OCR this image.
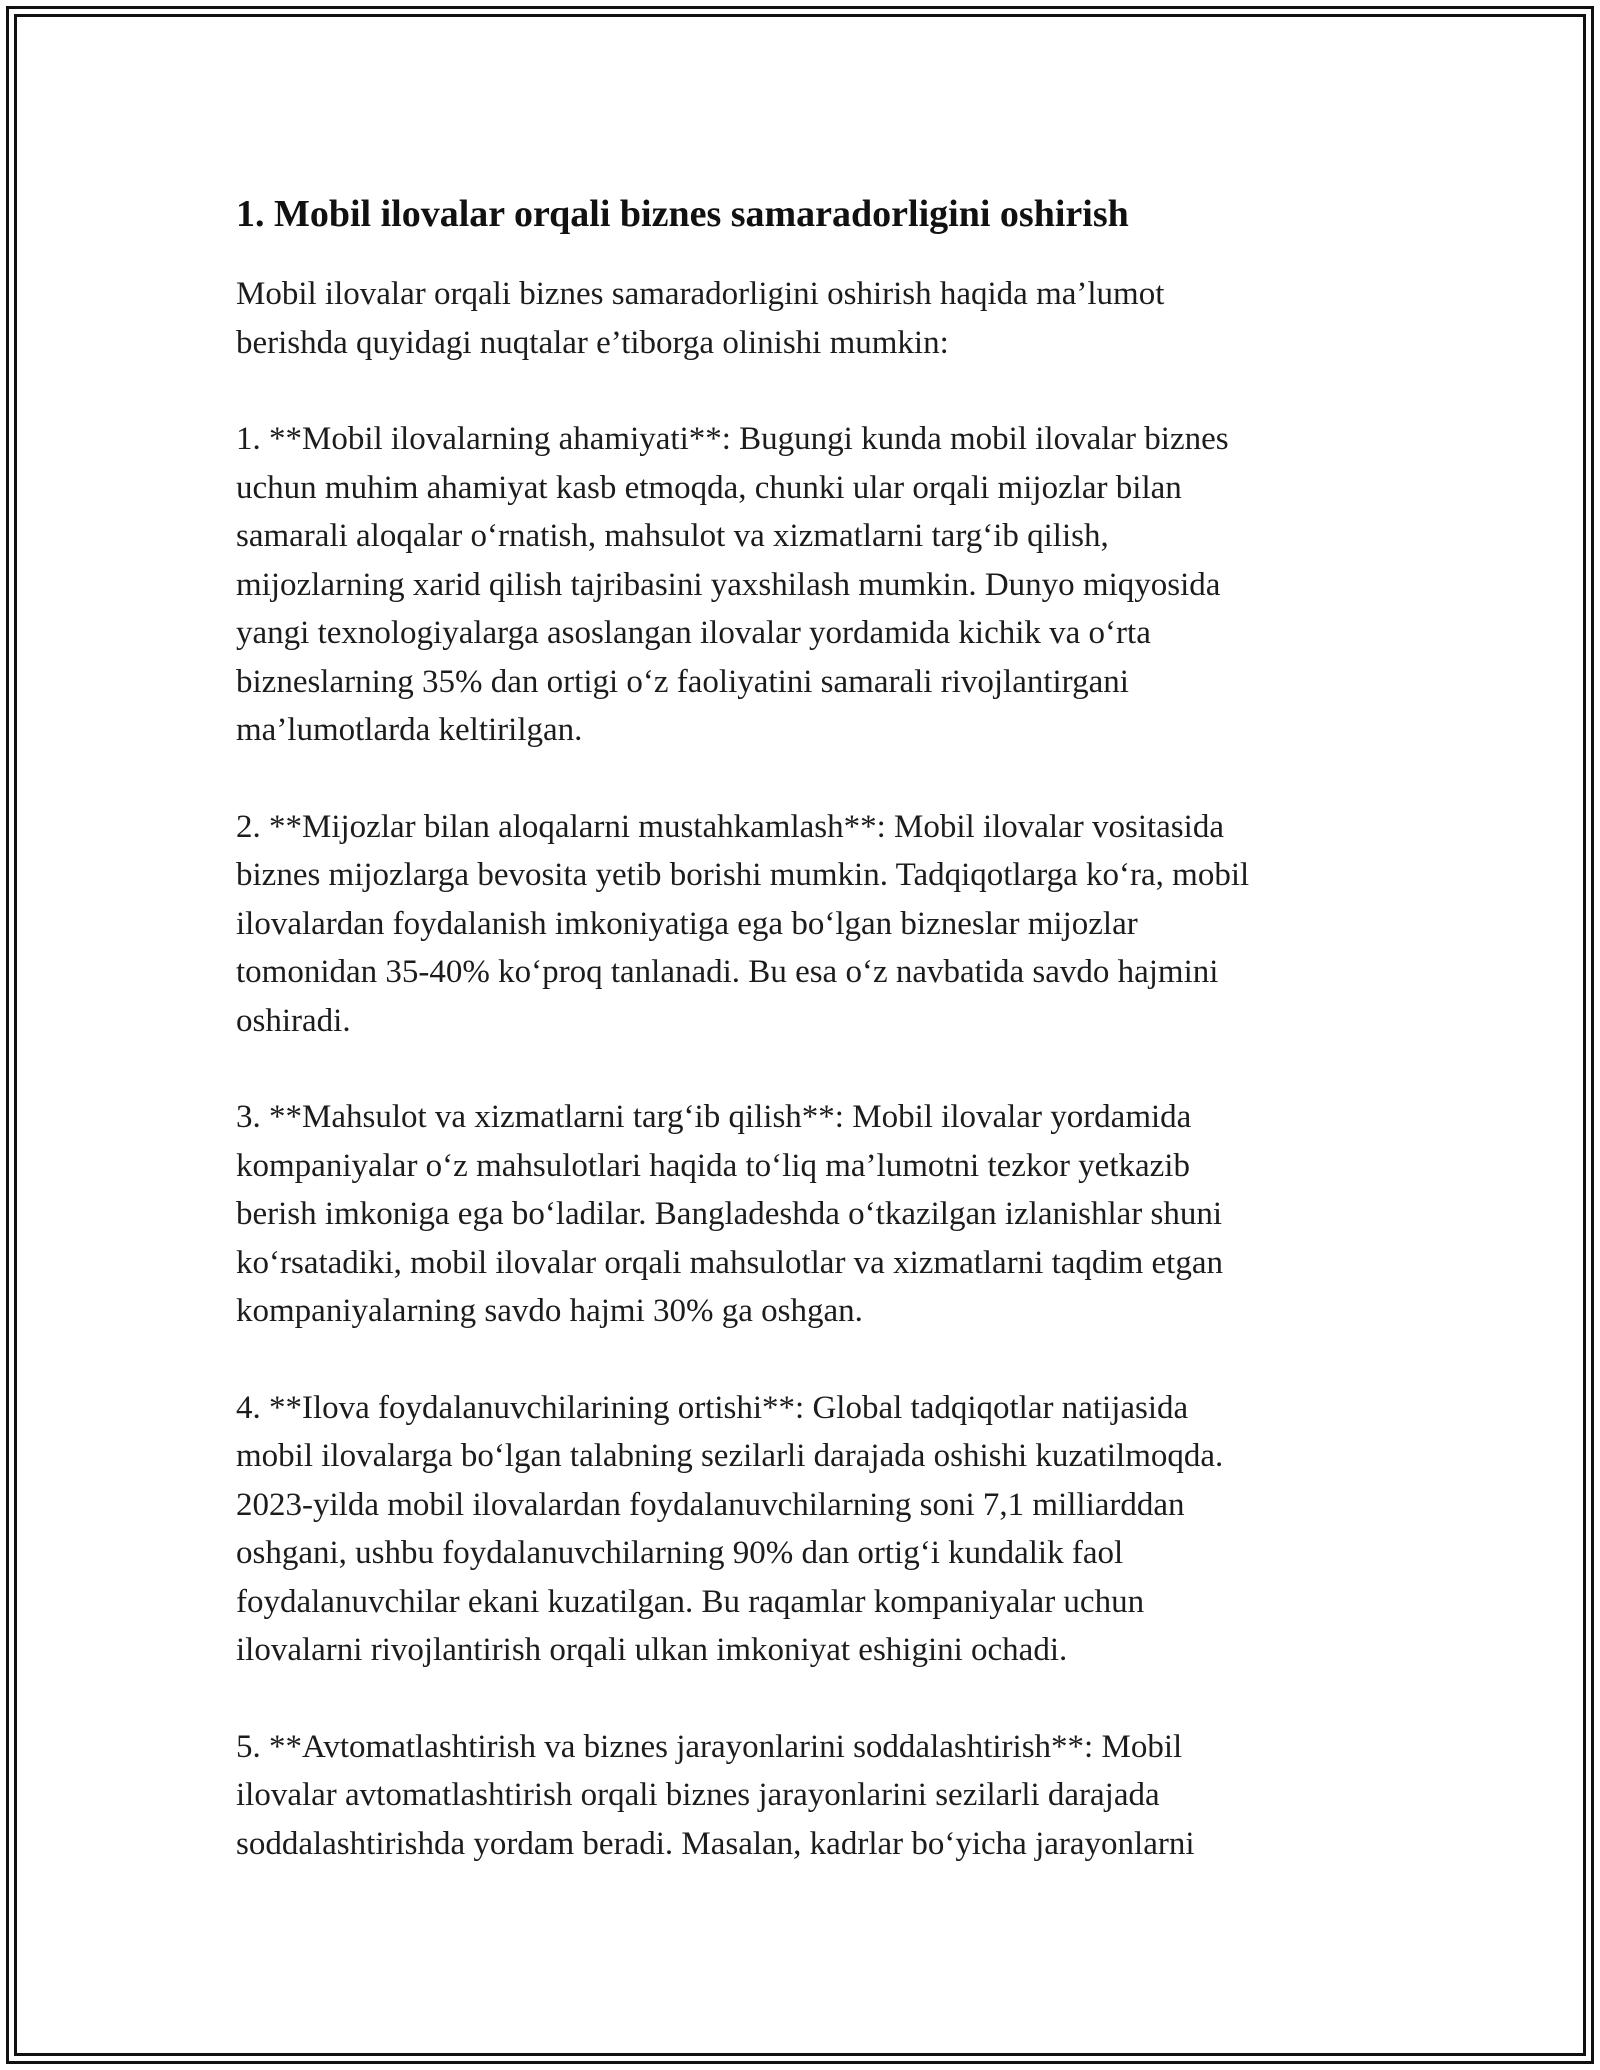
1. Mobil ilovalar orqali biznes samaradorligini oshirish

Mobil ilovalar orqali biznes samaradorligini oshirish haqida ma’lumot
berishda quyidagi nuqtalar e’tiborga olinishi mumkin:

1. **Mobil ilovalarning ahamiyati**: Bugungi kunda mobil ilovalar biznes
uchun muhim ahamiyat kasb etmoqda, chunki ular orqali mijozlar bilan
samarali aloqalar oʻrnatish, mahsulot va xizmatlarni targʻib qilish,
mijozlarning xarid qilish tajribasini yaxshilash mumkin. Dunyo miqyosida
yangi texnologiyalarga asoslangan ilovalar yordamida kichik va oʻrta
bizneslarning 35% dan ortigi oʻz faoliyatini samarali rivojlantirgani
ma’lumotlarda keltirilgan.

2. **Mijozlar bilan aloqalarni mustahkamlash**: Mobil ilovalar vositasida
biznes mijozlarga bevosita yetib borishi mumkin. Tadqiqotlarga koʻra, mobil
ilovalardan foydalanish imkoniyatiga ega boʻlgan bizneslar mijozlar
tomonidan 35-40% koʻproq tanlanadi. Bu esa oʻz navbatida savdo hajmini
oshiradi.

3. **Mahsulot va xizmatlarni targʻib qilish**: Mobil ilovalar yordamida
kompaniyalar oʻz mahsulotlari haqida toʻliq ma’lumotni tezkor yetkazib
berish imkoniga ega boʻladilar. Bangladeshda oʻtkazilgan izlanishlar shuni
koʻrsatadiki, mobil ilovalar orqali mahsulotlar va xizmatlarni taqdim etgan
kompaniyalarning savdo hajmi 30% ga oshgan.

4. **Ilova foydalanuvchilarining ortishi**: Global tadqiqotlar natijasida
mobil ilovalarga boʻlgan talabning sezilarli darajada oshishi kuzatilmoqda.
2023-yilda mobil ilovalardan foydalanuvchilarning soni 7,1 milliarddan
oshgani, ushbu foydalanuvchilarning 90% dan ortigʻi kundalik faol
foydalanuvchilar ekani kuzatilgan. Bu raqamlar kompaniyalar uchun
ilovalarni rivojlantirish orqali ulkan imkoniyat eshigini ochadi.

5. **Avtomatlashtirish va biznes jarayonlarini soddalashtirish**: Mobil
ilovalar avtomatlashtirish orqali biznes jarayonlarini sezilarli darajada
soddalashtirishda yordam beradi. Masalan, kadrlar boʻyicha jarayonlarni
